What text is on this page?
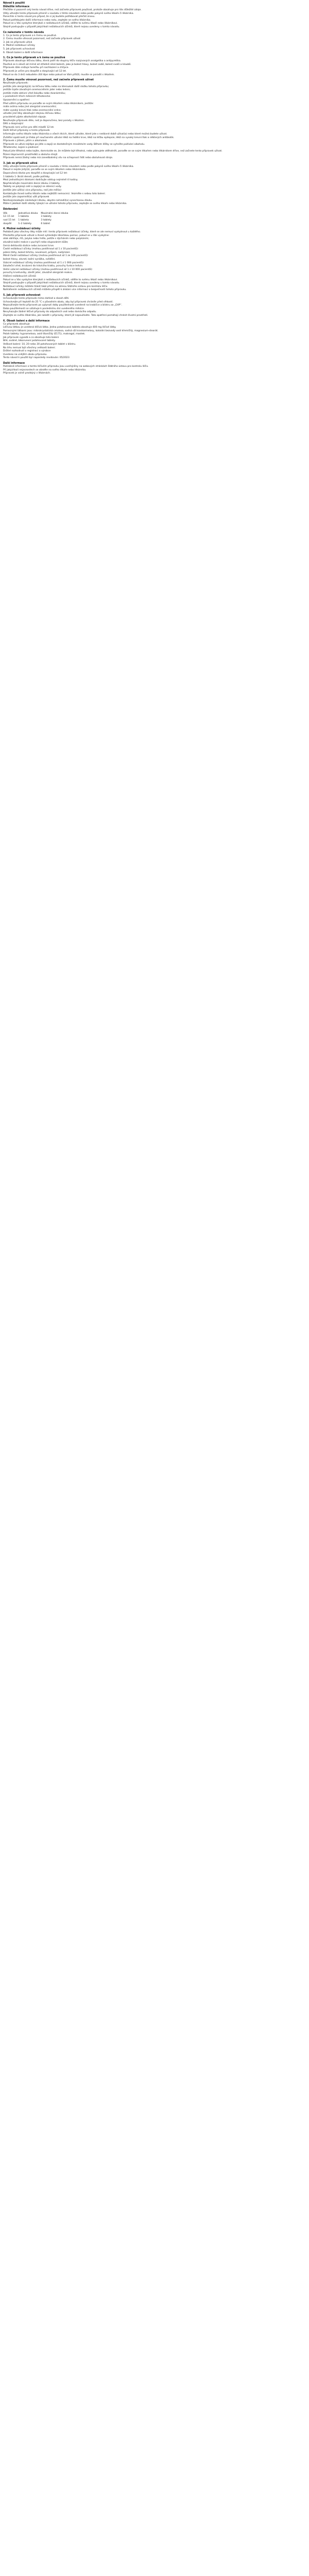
Návod k použití

Důležité informace

Přečtěte si pozorně celý tento návod dříve, než začnete přípravek používat, protože obsahuje pro Vás důležité údaje.

Vždy užívejte tento přípravek přesně v souladu s tímto návodem nebo podle pokynů svého lékaře či lékárníka.

Ponechte si tento návod pro případ, že si jej budete potřebovat přečíst znovu.

Pokud potřebujete další informace nebo radu, zeptejte se svého lékárníka.

Pokud se u Vás vyskytne kterýkoli z nežádoucích účinků, sdělte to svému lékaři nebo lékárníkovi.

Stejně postupujte v případě jakýchkoli nežádoucích účinků, které nejsou uvedeny v tomto návodu.

Co naleznete v tomto návodu

1. Co je tento přípravek a k čemu se používá

2. Čemu musíte věnovat pozornost, než začnete přípravek užívat

3. Jak se přípravek užívá

4. Možné nežádoucí účinky

5. Jak přípravek uchovávat

6. Obsah balení a další informace

1. Co je tento přípravek a k čemu se používá

Přípravek obsahuje léčivou látku, která patří do skupiny léčiv nazývaných analgetika a antipyretika.

Používá se k úlevě od mírné až středně silné bolesti, jako je bolest hlavy, bolest zubů, bolest svalů a kloubů.

Přípravek dále snižuje horečku při nachlazení a chřipce.

Přípravek je určen pro dospělé a dospívající od 12 let.

Pokud se do 3 dnů nebudete cítit lépe nebo pokud se Vám přitíží, musíte se poradit s lékařem.

2. Čemu musíte věnovat pozornost, než začnete přípravek užívat

Neužívejte přípravek:

jestliže jste alergický(á) na léčivou látku nebo na kteroukoli další složku tohoto přípravku;

jestliže trpíte závažným onemocněním jater nebo ledvin;

jestliže máte aktivní vřed žaludku nebo dvanáctníku;

v posledních třech měsících těhotenství.

Upozornění a opatření

Před užitím přípravku se poraďte se svým lékařem nebo lékárníkem, jestliže:

máte astma nebo jiné alergické onemocnění;

máte vysoký krevní tlak nebo onemocnění srdce;

užíváte jiné léky obsahující stejnou léčivou látku;

pravidelně pijete alkoholické nápoje.

Neužívejte přípravek déle, než je doporučeno, bez porady s lékařem.

Děti a dospívající

Přípravek není určen pro děti mladší 12 let.

Další léčivé přípravky a tento přípravek

Informujte svého lékaře nebo lékárníka o všech lécích, které užíváte, které jste v nedávné době užíval(a) nebo které možná budete užívat.

Zvláštní opatrnosti je třeba při současném užívání léků na ředění krve, léků na léčbu epilepsie, léků na vysoký krevní tlak a některých antibiotik.

Přípravek s jídlem, pitím a alkoholem

Přípravek se užívá nejlépe po jídle a zapíjí se dostatečným množstvím vody. Během léčby se vyhněte požívání alkoholu.

Těhotenství, kojení a plodnost

Pokud jste těhotná nebo kojíte, domníváte se, že můžete být těhotná, nebo plánujete otěhotnět, poraďte se se svým lékařem nebo lékárníkem dříve, než začnete tento přípravek užívat.

Řízení dopravních prostředků a obsluha strojů

Přípravek nemá žádný nebo má zanedbatelný vliv na schopnost řídit nebo obsluhovat stroje.

3. Jak se přípravek užívá

Vždy užívejte tento přípravek přesně v souladu s tímto návodem nebo podle pokynů svého lékaře či lékárníka.

Pokud si nejste jistý(á), poraďte se se svým lékařem nebo lékárníkem.

Doporučená dávka pro dospělé a dospívající od 12 let:

1 tableta 1–3krát denně, podle potřeby.

Mezi jednotlivými dávkami dodržujte odstup nejméně 4 hodiny.

Nepřekračujte maximální denní dávku 3 tablety.

Tablety se polykají celé a zapíjejí se sklenicí vody.

Jestliže jste užil(a) více přípravku, než jste měl(a)

Kontaktujte ihned svého lékaře nebo nejbližší nemocnici. Vezměte s sebou toto balení.

Jestliže jste zapomněl(a) užít přípravek

Nezdvojnásobujte následující dávku, abyste nahradil(a) vynechanou dávku.

Máte-li jakékoli další otázky týkající se užívání tohoto přípravku, zeptejte se svého lékaře nebo lékárníka.

Dávkování

Věk	Jednotlivá dávka	Maximální denní dávka
12–15 let	1 tableta	3 tablety
nad 15 let	1 tableta	3 tablety
dospělí	1–2 tablety	6 tablet

4. Možné nežádoucí účinky

Podobně jako všechny léky může mít i tento přípravek nežádoucí účinky, které se ale nemusí vyskytnout u každého.

Přestaňte přípravek užívat a ihned vyhledejte lékařskou pomoc, pokud se u Vás vyskytne:

otok obličeje, rtů, jazyka nebo hrdla, potíže s dýcháním nebo polykáním;

závažná kožní reakce s puchýři nebo olupováním kůže;

černá dehtovitá stolice nebo zvracení krve.

Časté nežádoucí účinky (mohou postihnout až 1 z 10 pacientů):

pálení žáhy, bolest břicha, nevolnost, průjem, nadýmání.

Méně časté nežádoucí účinky (mohou postihnout až 1 ze 100 pacientů):

bolest hlavy, závrať, kožní vyrážka, svědění.

Vzácné nežádoucí účinky (mohou postihnout až 1 z 1 000 pacientů):

žaludeční vřed, krvácení do trávicího traktu, poruchy funkce ledvin.

Velmi vzácné nežádoucí účinky (mohou postihnout až 1 z 10 000 pacientů):

poruchy krvetvorby, zánět jater, závažné alergické reakce.

Hlášení nežádoucích účinků

Pokud se u Vás vyskytne kterýkoli z nežádoucích účinků, sdělte to svému lékaři nebo lékárníkovi.

Stejně postupujte v případě jakýchkoli nežádoucích účinků, které nejsou uvedeny v tomto návodu.

Nežádoucí účinky můžete hlásit také přímo na adresu Státního ústavu pro kontrolu léčiv.

Nahlášením nežádoucích účinků můžete přispět k získání více informací o bezpečnosti tohoto přípravku.

5. Jak přípravek uchovávat

Uchovávejte tento přípravek mimo dohled a dosah dětí.

Uchovávejte při teplotě do 25 °C v původním obalu, aby byl přípravek chráněn před vlhkostí.

Nepoužívejte tento přípravek po uplynutí doby použitelnosti uvedené na krabičce a blistru za „EXP“.

Doba použitelnosti se vztahuje k poslednímu dni uvedeného měsíce.

Nevyhazujte žádné léčivé přípravky do odpadních vod nebo domácího odpadu.

Zeptejte se svého lékárníka, jak naložit s přípravky, které již nepoužíváte. Tato opatření pomáhají chránit životní prostředí.

6. Obsah balení a další informace

Co přípravek obsahuje

Léčivou látkou je uvedená léčivá látka. Jedna potahovaná tableta obsahuje 400 mg léčivé látky.

Pomocnými látkami jsou: mikrokrystalická celulosa, sodná sůl kroskarmelosy, koloidní bezvodý oxid křemičitý, magnesium-stearát.

Potah tablety: hypromelosa, oxid titaničitý (E171), makrogol, mastek.

Jak přípravek vypadá a co obsahuje toto balení

Bílé, oválné, bikonvexní potahované tablety.

Velikost balení: 10, 20 nebo 30 potahovaných tablet v blistru.

Na trhu nemusí být všechny velikosti balení.

Držitel rozhodnutí o registraci a výrobce

Uvedeno na vnějším obalu přípravku.

Tento návod k použití byl naposledy revidován: 05/2023

Další informace

Podrobné informace o tomto léčivém přípravku jsou uveřejněny na webových stránkách Státního ústavu pro kontrolu léčiv.

Při jakýchkoli nejasnostech se obraťte na svého lékaře nebo lékárníka.

Přípravek je volně prodejný v lékárnách.
